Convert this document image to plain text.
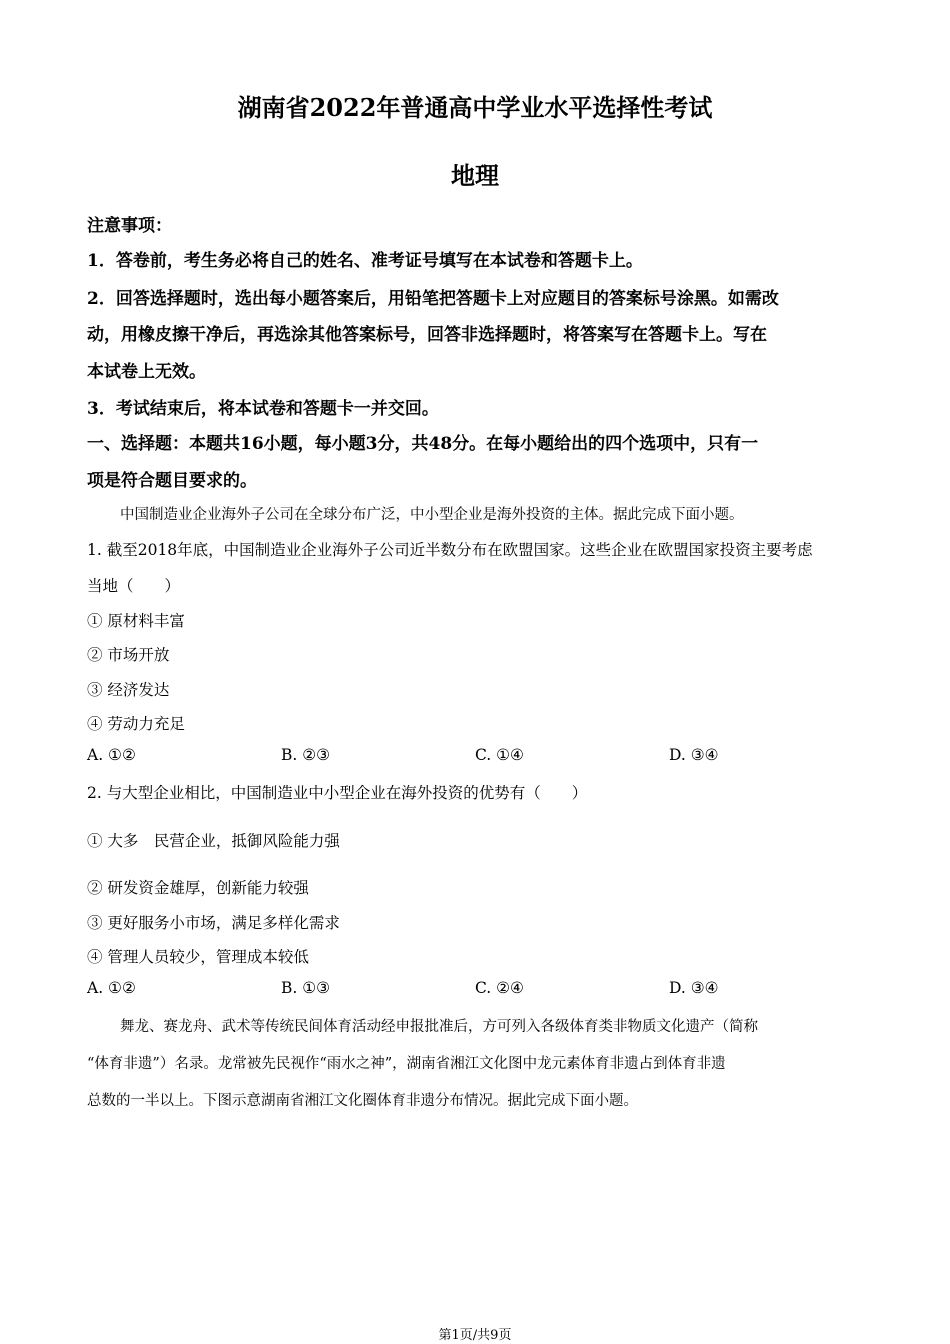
湖南省2022年普通高中学业水平选择性考试
地理
注意事项：
1．答卷前，考生务必将自己的姓名、准考证号填写在本试卷和答题卡上。
2．回答选择题时，选出每小题答案后，用铅笔把答题卡上对应题目的答案标号涂黑。如需改
动，用橡皮擦干净后，再选涂其他答案标号，回答非选择题时，将答案写在答题卡上。写在
本试卷上无效。
3．考试结束后，将本试卷和答题卡一并交回。
一、选择题：本题共16小题，每小题3分，共48分。在每小题给出的四个选项中，只有一
项是符合题目要求的。
中国制造业企业海外子公司在全球分布广泛，中小型企业是海外投资的主体。据此完成下面小题。
1. 截至2018年底，中国制造业企业海外子公司近半数分布在欧盟国家。这些企业在欧盟国家投资主要考虑
当地（　　）
① 原材料丰富
② 市场开放
③ 经济发达
④ 劳动力充足
A. ①②	B. ②③	C. ①④	D. ③④
2. 与大型企业相比，中国制造业中小型企业在海外投资的优势有（　　）
① 大多　民营企业，抵御风险能力强
② 研发资金雄厚，创新能力较强
③ 更好服务小市场，满足多样化需求
④ 管理人员较少，管理成本较低
A. ①②	B. ①③	C. ②④	D. ③④
舞龙、赛龙舟、武术等传统民间体育活动经申报批准后，方可列入各级体育类非物质文化遗产（简称
“体育非遗”）名录。龙常被先民视作“雨水之神”，湖南省湘江文化图中龙元素体育非遗占到体育非遗
总数的一半以上。下图示意湖南省湘江文化圈体育非遗分布情况。据此完成下面小题。
第1页/共9页
